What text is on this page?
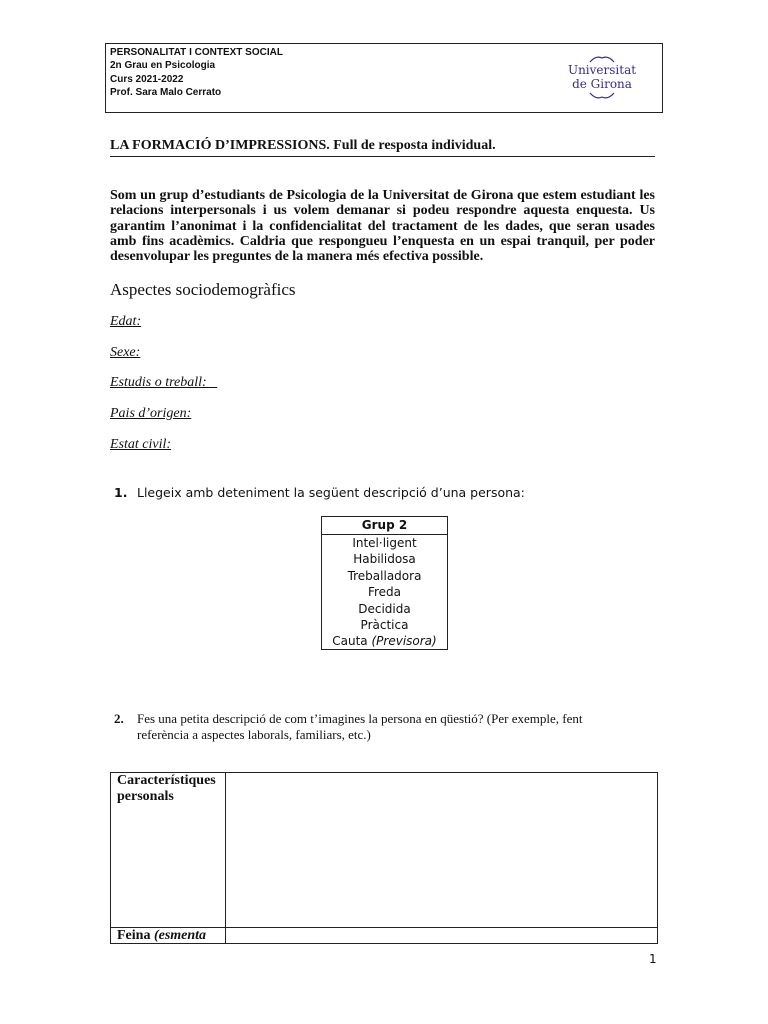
PERSONALITAT I CONTEXT SOCIAL
2n Grau en Psicologia
Curs 2021-2022
Prof. Sara Malo Cerrato
Universitat
de Girona
LA FORMACIÓ D’IMPRESSIONS. Full de resposta individual.
Som un grup d’estudiants de Psicologia de la Universitat de Girona que estem estudiant les relacions interpersonals i us volem demanar si podeu respondre aquesta enquesta. Us garantim l’anonimat i la confidencialitat del tractament de les dades, que seran usades amb fins acadèmics. Caldria que respongueu l’enquesta en un espai tranquil, per poder desenvolupar les preguntes de la manera més efectiva possible.
Aspectes sociodemogràfics
Edat:
Sexe:
Estudis o treball:
Pais d’origen:
Estat civil:
1. Llegeix amb deteniment la següent descripció d’una persona:
Grup 2
Intel·ligent
Habilidosa
Treballadora
Freda
Decidida
Pràctica
Cauta (Previsora)
2. Fes una petita descripció de com t’imagines la persona en qüestió? (Per exemple, fent referència a aspectes laborals, familiars, etc.)
Característiques personals
Feina (esmenta
1
